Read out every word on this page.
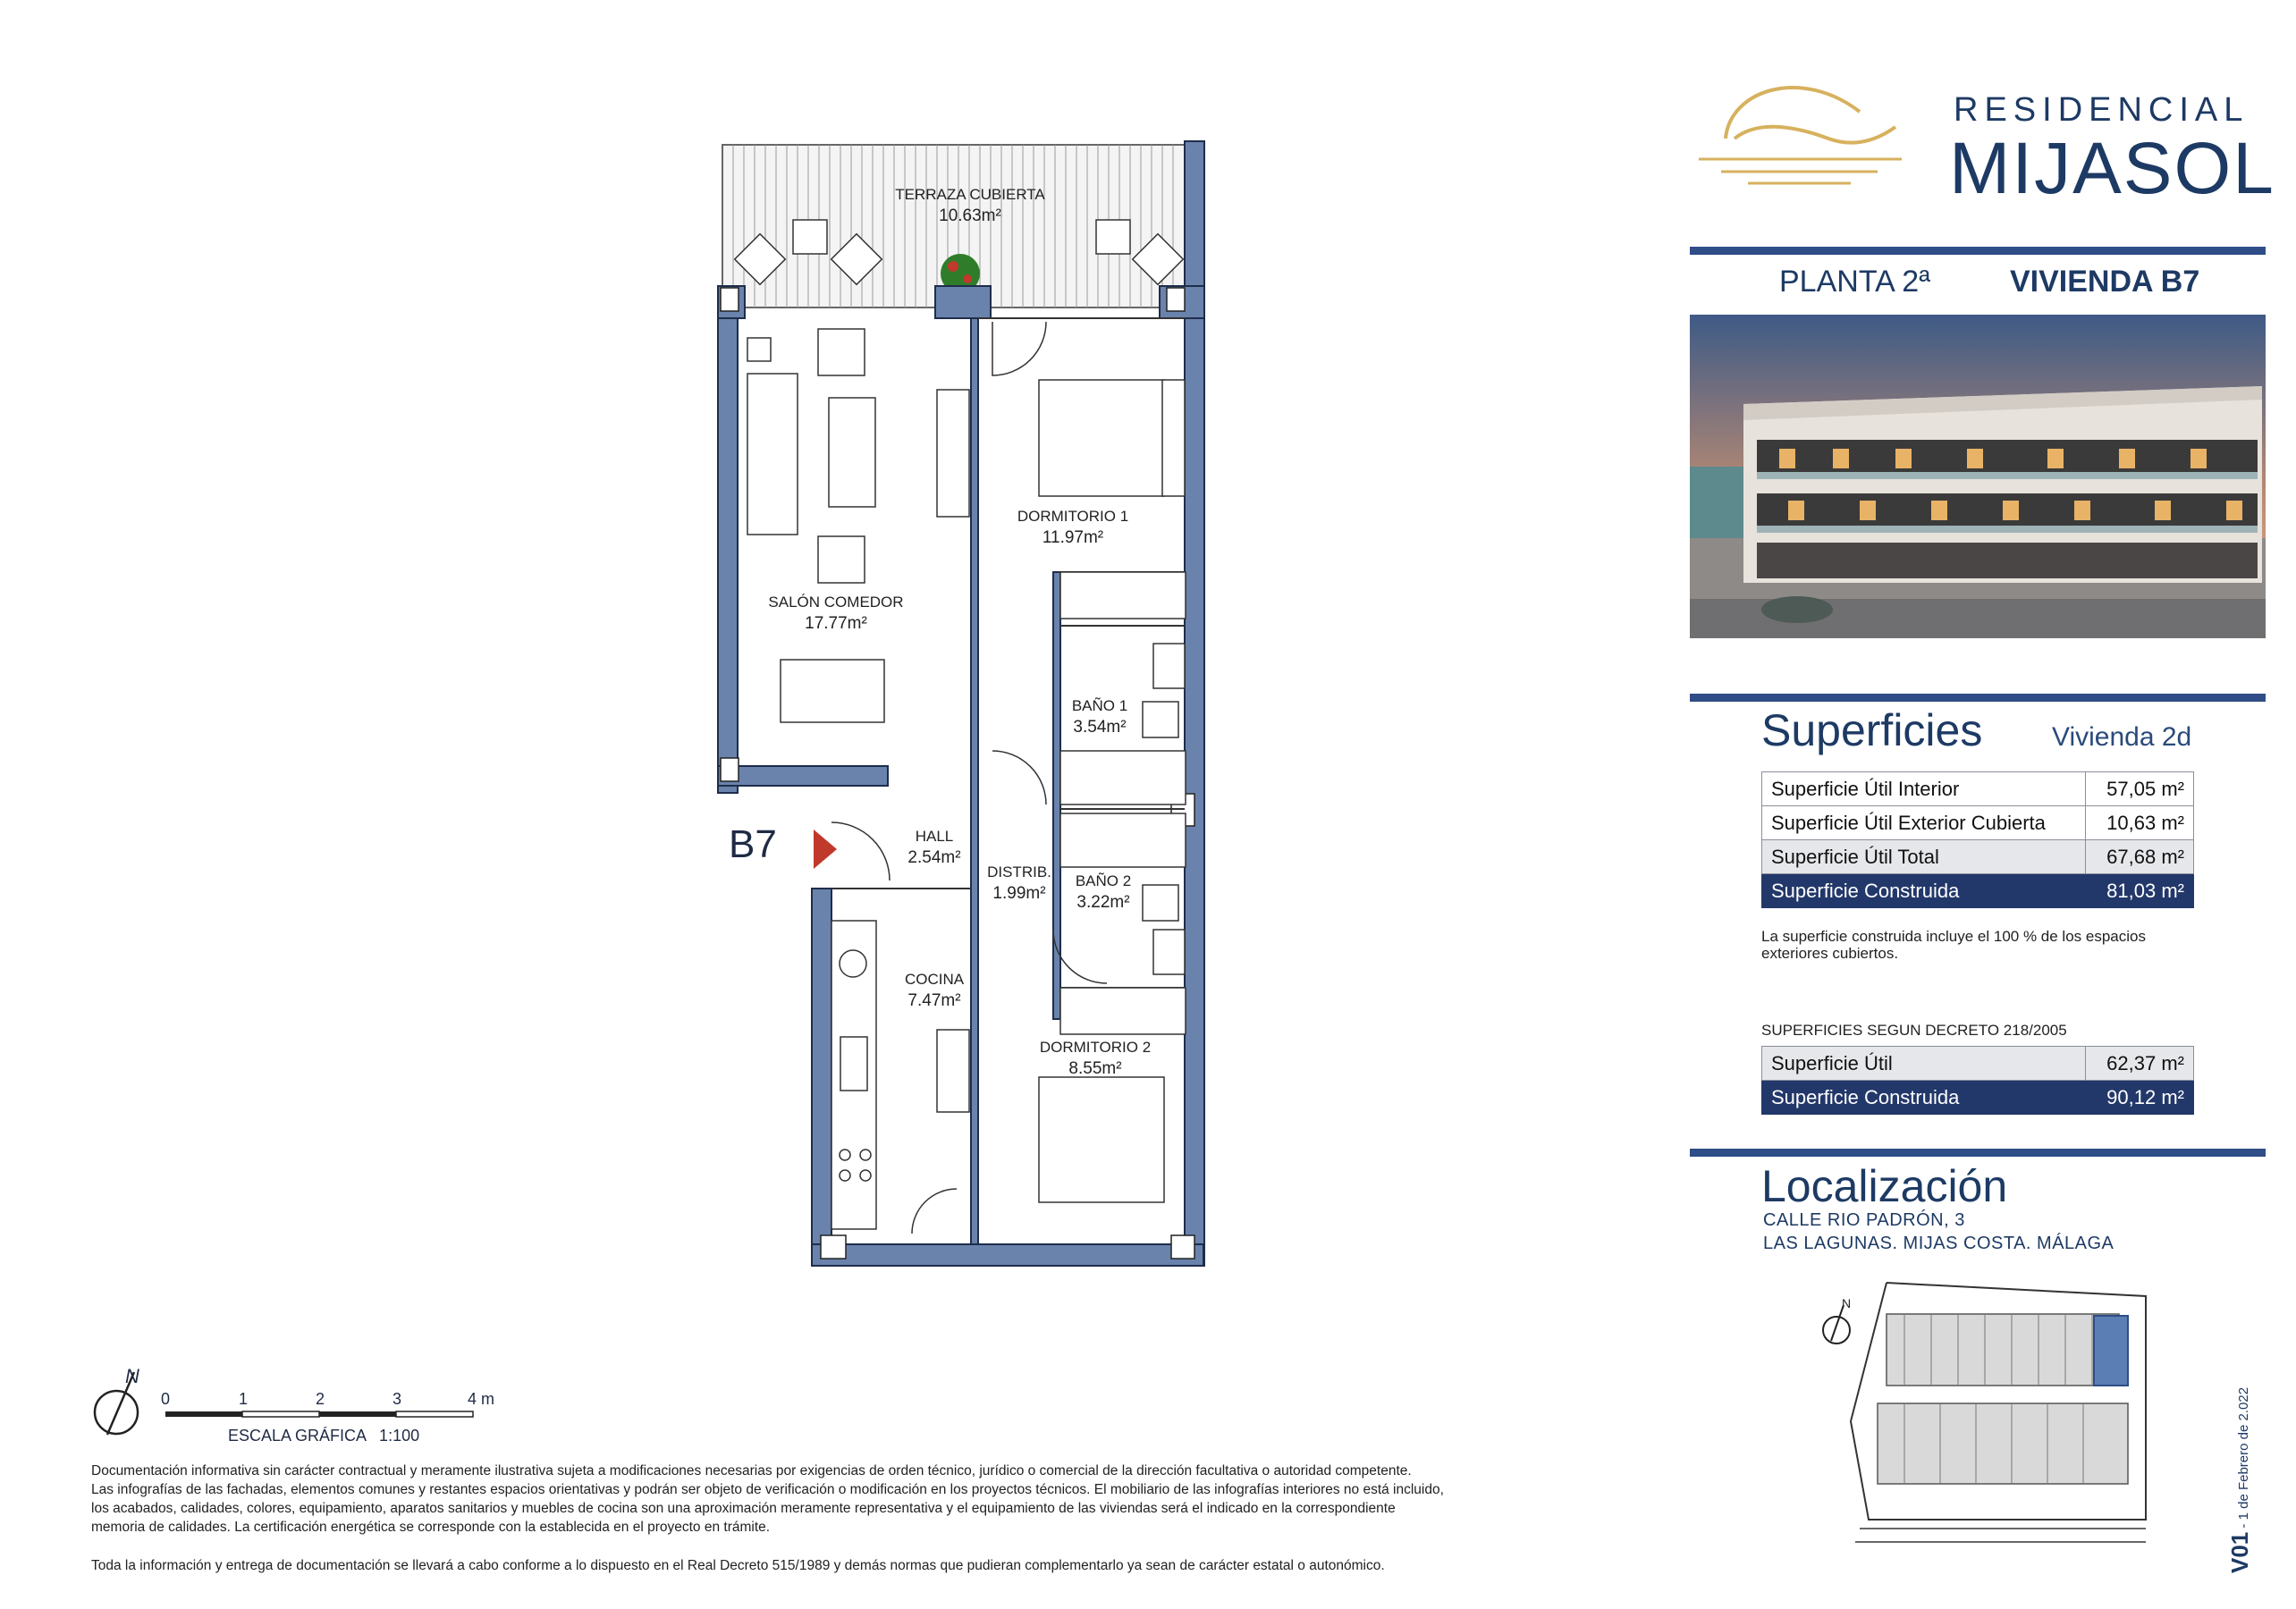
RESIDENCIAL
MIJASOL
PLANTA 2ª	VIVIENDA B7
Superficies	Vivienda 2d
Superficie Útil Interior	57,05 m²
Superficie Útil Exterior Cubierta	10,63 m²
Superficie Útil Total	67,68 m²
Superficie Construida	81,03 m²
La superficie construida incluye el 100 % de los espacios exteriores cubiertos.
SUPERFICIES SEGUN DECRETO 218/2005
Superficie Útil	62,37 m²
Superficie Construida	90,12 m²
Localización
CALLE RIO PADRÓN, 3
LAS LAGUNAS. MIJAS COSTA. MÁLAGA
N
V01 - 1 de Febrero de 2.022
TERRAZA CUBIERTA
10.63m²
DORMITORIO 1
11.97m²
SALÓN COMEDOR
17.77m²
BAÑO 1
3.54m²
HALL
2.54m²
DISTRIB.
1.99m²
BAÑO 2
3.22m²
COCINA
7.47m²
DORMITORIO 2
8.55m²
B7
N
0	1	2	3	4 m
ESCALA GRÁFICA   1:100
Documentación informativa sin carácter contractual y meramente ilustrativa sujeta a modificaciones necesarias por exigencias de orden técnico, jurídico o comercial de la dirección facultativa o autoridad competente.
Las infografías de las fachadas, elementos comunes y restantes espacios orientativas y podrán ser objeto de verificación o modificación en los proyectos técnicos. El mobiliario de las infografías interiores no está incluido,
los acabados, calidades, colores, equipamiento, aparatos sanitarios y muebles de cocina son una aproximación meramente representativa y el equipamiento de las viviendas será el indicado en la correspondiente
memoria de calidades. La certificación energética se corresponde con la establecida en el proyecto en trámite.
Toda la información y entrega de documentación se llevará a cabo conforme a lo dispuesto en el Real Decreto 515/1989 y demás normas que pudieran complementarlo ya sean de carácter estatal o autonómico.
